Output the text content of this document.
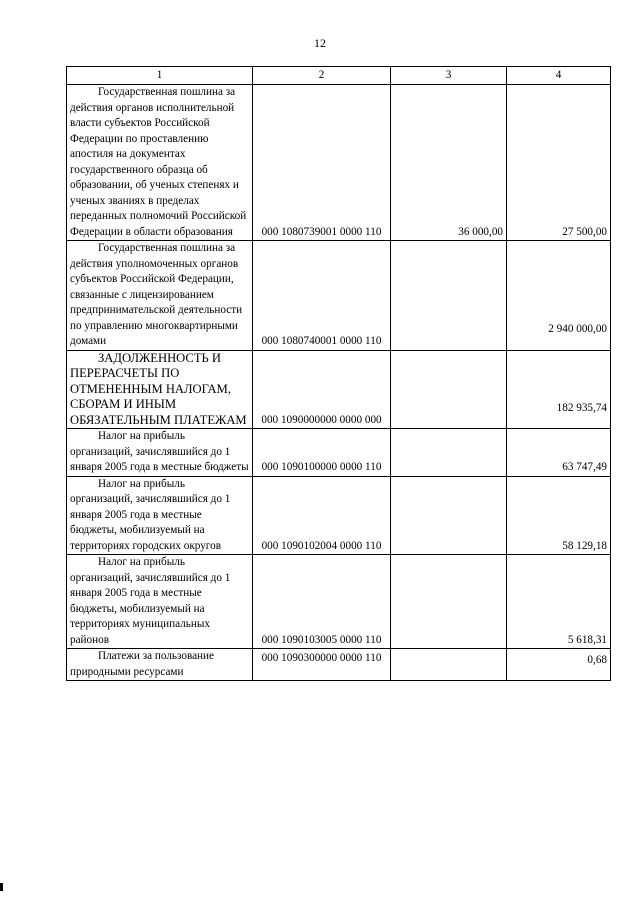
12
1	2	3	4
Государственная пошлина за действия органов исполнительной власти субъектов Российской Федерации по проставлению апостиля на документах государственного образца об образовании, об ученых степенях и ученых званиях в пределах переданных полномочий Российской Федерации в области образования	000 1080739001 0000 110	36 000,00	27 500,00
Государственная пошлина за действия уполномоченных органов субъектов Российской Федерации, связанные с лицензированием предпринимательской деятельности по управлению многоквартирными домами	000 1080740001 0000 110		2 940 000,00
ЗАДОЛЖЕННОСТЬ И ПЕРЕРАСЧЕТЫ ПО ОТМЕНЕННЫМ НАЛОГАМ, СБОРАМ И ИНЫМ ОБЯЗАТЕЛЬНЫМ ПЛАТЕЖАМ	000 1090000000 0000 000		182 935,74
Налог на прибыль организаций, зачислявшийся до 1 января 2005 года в местные бюджеты	000 1090100000 0000 110		63 747,49
Налог на прибыль организаций, зачислявшийся до 1 января 2005 года в местные бюджеты, мобилизуемый на территориях городских округов	000 1090102004 0000 110		58 129,18
Налог на прибыль организаций, зачислявшийся до 1 января 2005 года в местные бюджеты, мобилизуемый на территориях муниципальных районов	000 1090103005 0000 110		5 618,31
Платежи за пользование природными ресурсами	000 1090300000 0000 110		0,68
